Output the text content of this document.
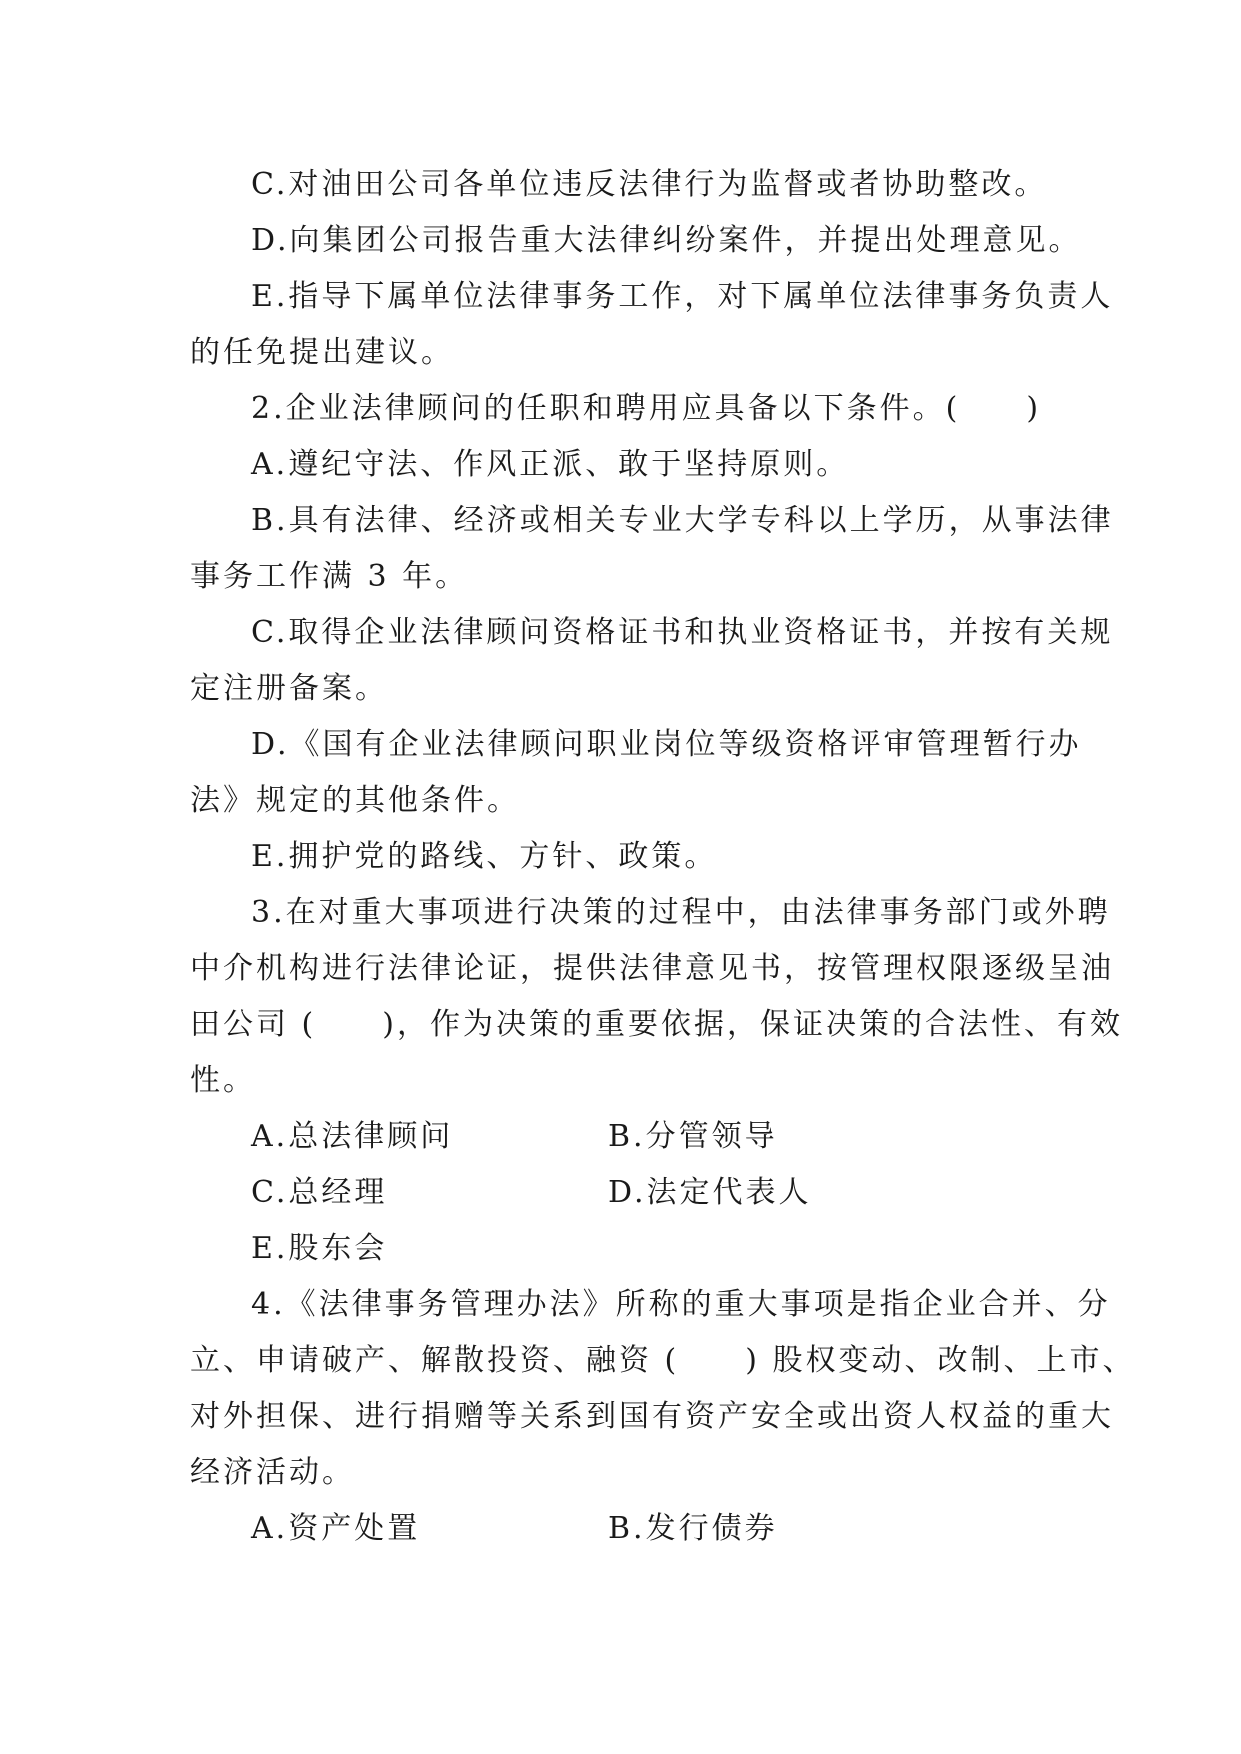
C.对油田公司各单位违反法律行为监督或者协助整改。
D.向集团公司报告重大法律纠纷案件，并提出处理意见。
E.指导下属单位法律事务工作，对下属单位法律事务负责人
的任免提出建议。
2.企业法律顾问的任职和聘用应具备以下条件。(　　)
A.遵纪守法、作风正派、敢于坚持原则。
B.具有法律、经济或相关专业大学专科以上学历，从事法律
事务工作满 3 年。
C.取得企业法律顾问资格证书和执业资格证书，并按有关规
定注册备案。
D.《国有企业法律顾问职业岗位等级资格评审管理暂行办
法》规定的其他条件。
E.拥护党的路线、方针、政策。
3.在对重大事项进行决策的过程中，由法律事务部门或外聘
中介机构进行法律论证，提供法律意见书，按管理权限逐级呈油
田公司 (　　)，作为决策的重要依据，保证决策的合法性、有效
性。
A.总法律顾问	B.分管领导
C.总经理	D.法定代表人
E.股东会
4.《法律事务管理办法》所称的重大事项是指企业合并、分
立、申请破产、解散投资、融资 (　　) 股权变动、改制、上市、
对外担保、进行捐赠等关系到国有资产安全或出资人权益的重大
经济活动。
A.资产处置	B.发行债券
